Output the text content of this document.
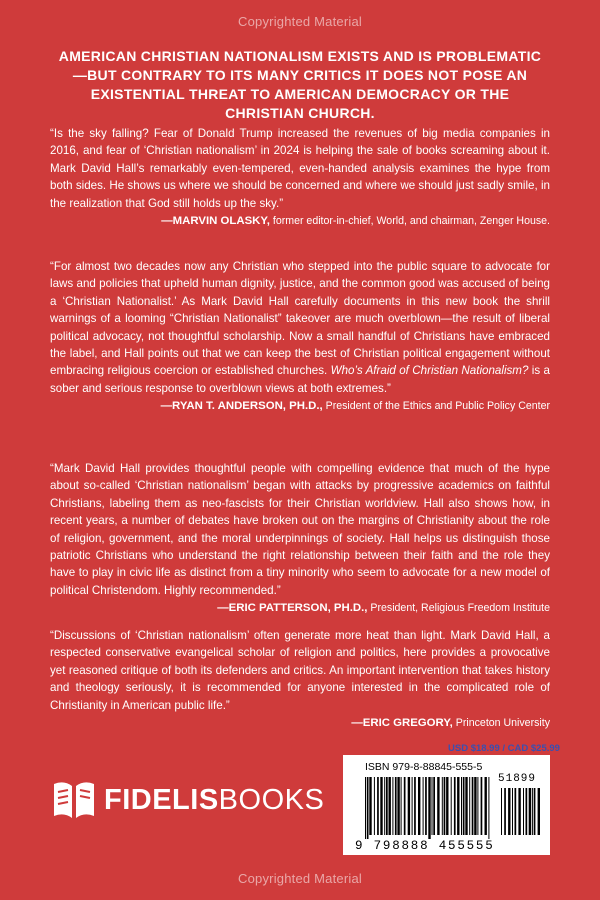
Copyrighted Material
AMERICAN CHRISTIAN NATIONALISM EXISTS AND IS PROBLEMATIC—BUT CONTRARY TO ITS MANY CRITICS IT DOES NOT POSE AN EXISTENTIAL THREAT TO AMERICAN DEMOCRACY OR THE CHRISTIAN CHURCH.

“Is the sky falling? Fear of Donald Trump increased the revenues of big media companies in 2016, and fear of ‘Christian nationalism’ in 2024 is helping the sale of books screaming about it. Mark David Hall’s remarkably even-tempered, even-handed analysis examines the hype from both sides. He shows us where we should be concerned and where we should just sadly smile, in the realization that God still holds up the sky.”

—MARVIN OLASKY, former editor-in-chief, World, and chairman, Zenger House.

“For almost two decades now any Christian who stepped into the public square to advocate for laws and policies that upheld human dignity, justice, and the common good was accused of being a ‘Christian Nationalist.’ As Mark David Hall carefully documents in this new book the shrill warnings of a looming “Christian Nationalist” takeover are much overblown—the result of liberal political advocacy, not thoughtful scholarship. Now a small handful of Christians have embraced the label, and Hall points out that we can keep the best of Christian political engagement without embracing religious coercion or established churches. Who’s Afraid of Christian Nationalism? is a sober and serious response to overblown views at both extremes.”

—RYAN T. ANDERSON, PH.D., President of the Ethics and Public Policy Center

“Mark David Hall provides thoughtful people with compelling evidence that much of the hype about so-called ‘Christian nationalism’ began with attacks by progressive academics on faithful Christians, labeling them as neo-fascists for their Christian worldview. Hall also shows how, in recent years, a number of debates have broken out on the margins of Christianity about the role of religion, government, and the moral underpinnings of society. Hall helps us distinguish those patriotic Christians who understand the right relationship between their faith and the role they have to play in civic life as distinct from a tiny minority who seem to advocate for a new model of political Christendom. Highly recommended.”

—ERIC PATTERSON, PH.D., President, Religious Freedom Institute

“Discussions of ‘Christian nationalism’ often generate more heat than light. Mark David Hall, a respected conservative evangelical scholar of religion and politics, here provides a provocative yet reasoned critique of both its defenders and critics. An important intervention that takes history and theology seriously, it is recommended for anyone interested in the complicated role of Christianity in American public life.”

—ERIC GREGORY, Princeton University
USD $18.99 / CAD $25.99
FIDELISBOOKS
ISBN 979-8-88845-555-5
51899
9 798888 455555
Copyrighted Material
